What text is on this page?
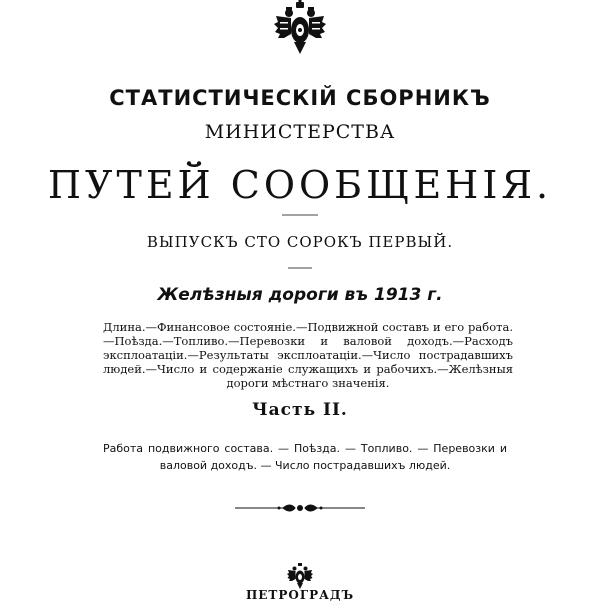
СТАТИСТИЧЕСКІЙ СБОРНИКЪ
МИНИСТЕРСТВА
ПУТЕЙ СООБЩЕНІЯ.
ВЫПУСКЪ СТО СОРОКЪ ПЕРВЫЙ.
Желѣзныя дороги въ 1913 г.
Длина.—Финансовое состояніе.—Подвижной составъ и его работа.—Поѣзда.—Топливо.—Перевозки и валовой доходъ.—Расходъ эксплоатаціи.—Результаты эксплоатаціи.—Число пострадавшихъ людей.—Число и содержаніе служащихъ и рабочихъ.—Желѣзныя дороги мѣстнаго значенія.
Часть II.
Работа подвижного состава. — Поѣзда. — Топливо. — Перевозки и валовой доходъ. — Число пострадавшихъ людей.
ПЕТРОГРАДЪ
